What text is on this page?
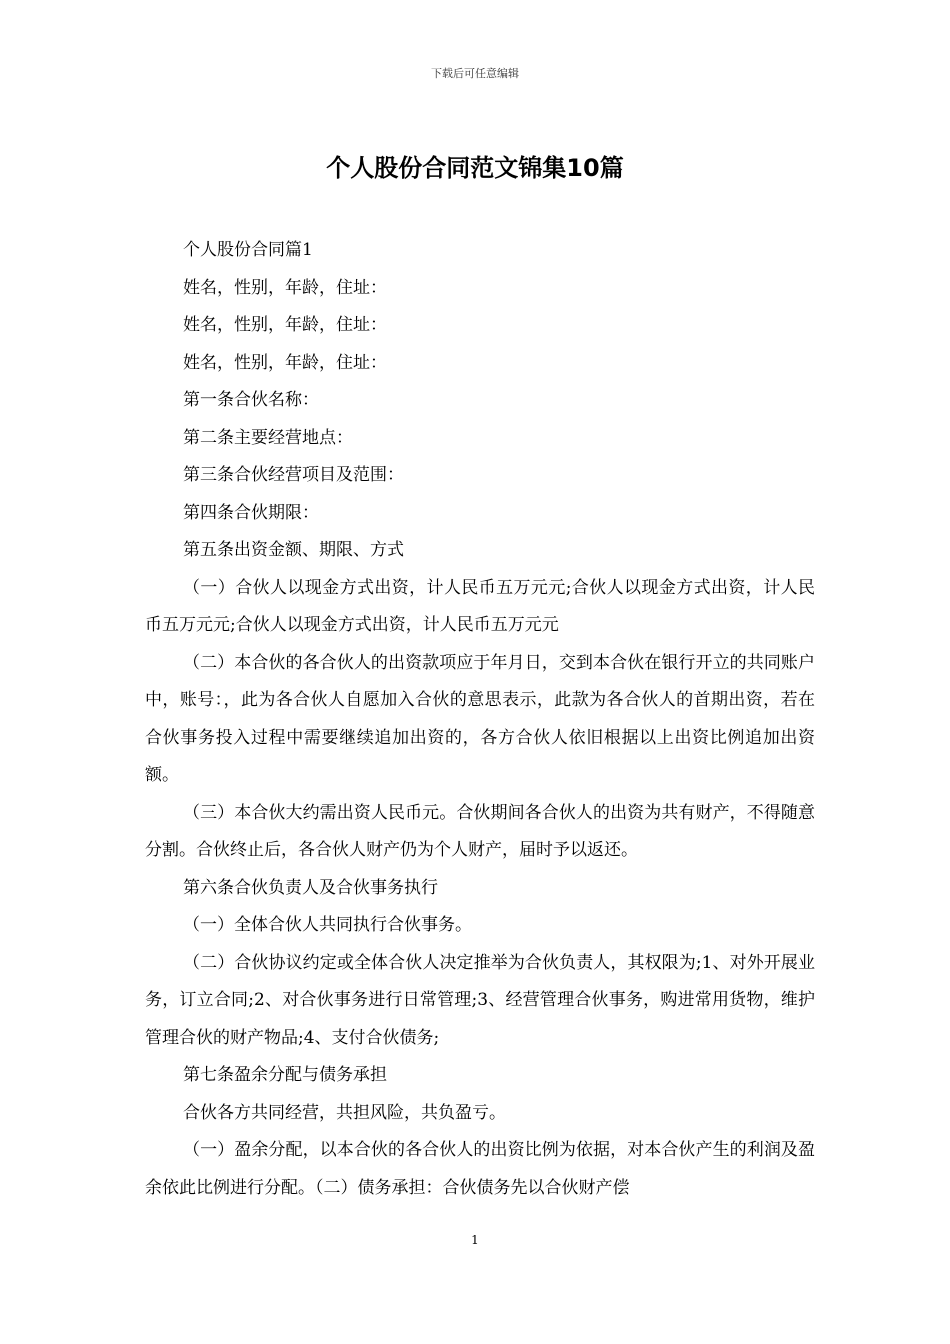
下载后可任意编辑
个人股份合同范文锦集10篇

个人股份合同篇1

姓名，性别，年龄，住址：

姓名，性别，年龄，住址：

姓名，性别，年龄，住址：

第一条合伙名称：

第二条主要经营地点：

第三条合伙经营项目及范围：

第四条合伙期限：

第五条出资金额、期限、方式

（一）合伙人以现金方式出资，计人民币五万元元;合伙人以现金方式出资，计人民币五万元元;合伙人以现金方式出资，计人民币五万元元

（二）本合伙的各合伙人的出资款项应于年月日，交到本合伙在银行开立的共同账户中，账号：，此为各合伙人自愿加入合伙的意思表示，此款为各合伙人的首期出资，若在合伙事务投入过程中需要继续追加出资的，各方合伙人依旧根据以上出资比例追加出资额。

（三）本合伙大约需出资人民币元。合伙期间各合伙人的出资为共有财产，不得随意分割。合伙终止后，各合伙人财产仍为个人财产，届时予以返还。

第六条合伙负责人及合伙事务执行

（一）全体合伙人共同执行合伙事务。

（二）合伙协议约定或全体合伙人决定推举为合伙负责人，其权限为;1、对外开展业务，订立合同;2、对合伙事务进行日常管理;3、经营管理合伙事务，购进常用货物，维护管理合伙的财产物品;4、支付合伙债务;

第七条盈余分配与债务承担

合伙各方共同经营，共担风险，共负盈亏。

（一）盈余分配，以本合伙的各合伙人的出资比例为依据，对本合伙产生的利润及盈余依此比例进行分配。（二）债务承担：合伙债务先以合伙财产偿

1
